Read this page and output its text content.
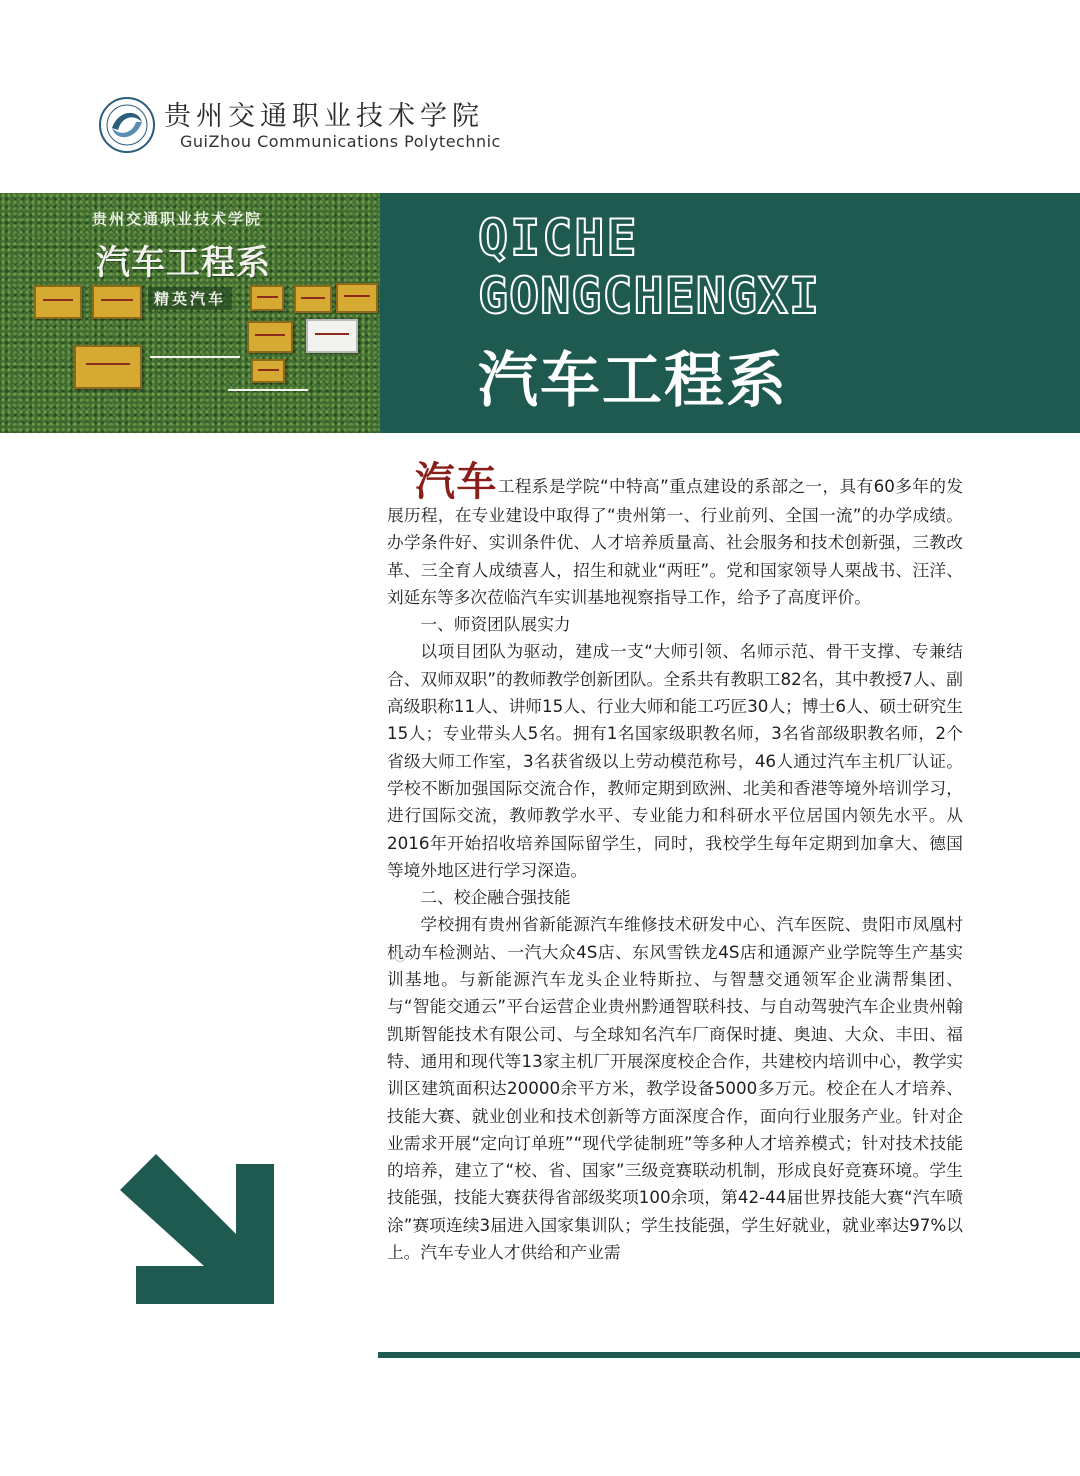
贵州交通职业技术学院
GuiZhou Communications Polytechnic
贵州交通职业技术学院
汽车工程系
精英汽车
QICHE
GONGCHENGXI
汽车工程系

汽车工程系是学院“中特高”重点建设的系部之一，具有60多年的发展历程，在专业建设中取得了“贵州第一、行业前列、全国一流”的办学成绩。办学条件好、实训条件优、人才培养质量高、社会服务和技术创新强，三教改革、三全育人成绩喜人，招生和就业“两旺”。党和国家领导人栗战书、汪洋、刘延东等多次莅临汽车实训基地视察指导工作，给予了高度评价。

一、师资团队展实力

以项目团队为驱动，建成一支“大师引领、名师示范、骨干支撑、专兼结合、双师双职”的教师教学创新团队。全系共有教职工82名，其中教授7人、副高级职称11人、讲师15人、行业大师和能工巧匠30人；博士6人、硕士研究生15人；专业带头人5名。拥有1名国家级职教名师，3名省部级职教名师，2个省级大师工作室，3名获省级以上劳动模范称号，46人通过汽车主机厂认证。学校不断加强国际交流合作，教师定期到欧洲、北美和香港等境外培训学习，进行国际交流，教师教学水平、专业能力和科研水平位居国内领先水平。从2016年开始招收培养国际留学生，同时，我校学生每年定期到加拿大、德国等境外地区进行学习深造。

二、校企融合强技能

学校拥有贵州省新能源汽车维修技术研发中心、汽车医院、贵阳市凤凰村机动车检测站、一汽大众4S店、东风雪铁龙4S店和通源产业学院等生产基实训基地。与新能源汽车龙头企业特斯拉、与智慧交通领军企业满帮集团、与“智能交通云”平台运营企业贵州黔通智联科技、与自动驾驶汽车企业贵州翰凯斯智能技术有限公司、与全球知名汽车厂商保时捷、奥迪、大众、丰田、福特、通用和现代等13家主机厂开展深度校企合作，共建校内培训中心，教学实训区建筑面积达20000余平方米，教学设备5000多万元。校企在人才培养、技能大赛、就业创业和技术创新等方面深度合作，面向行业服务产业。针对企业需求开展“定向订单班”“现代学徒制班”等多种人才培养模式；针对技术技能的培养，建立了“校、省、国家”三级竞赛联动机制，形成良好竞赛环境。学生技能强，技能大赛获得省部级奖项100余项，第42-44届世界技能大赛“汽车喷涂”赛项连续3届进入国家集训队；学生技能强，学生好就业，就业率达97%以上。汽车专业人才供给和产业需
